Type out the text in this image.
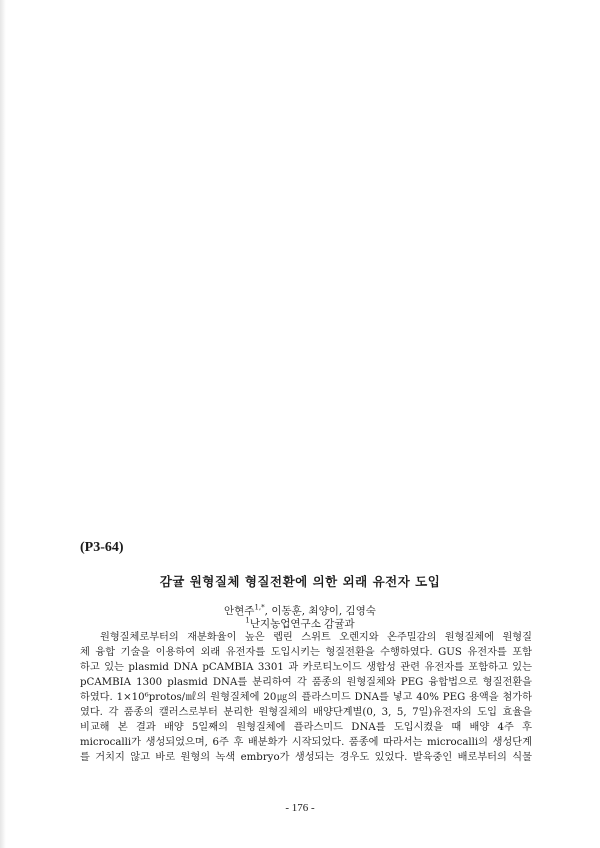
(P3-64)
감귤 원형질체 형질전환에 의한 외래 유전자 도입
안현주$^{1,*}$, 이동훈, 최양이, 김영숙
$^1$난지농업연구소 감귤과
원형질체로부터의 재분화율이 높은 렙린 스위트 오렌지와 온주밀감의 원형질체에 원형질
체 융합 기술을 이용하여 외래 유전자를 도입시키는 형질전환을 수행하였다. GUS 유전자를 포함
하고 있는 plasmid DNA pCAMBIA 3301 과 카로티노이드 생합성 관련 유전자를 포함하고 있는
pCAMBIA 1300 plasmid DNA를 분리하여 각 품종의 원형질체와 PEG 융합법으로 형질전환을
하였다. 1×10⁶protos/㎖의 원형질체에 20㎍의 플라스미드 DNA를 넣고 40% PEG 용액을 첨가하
였다. 각 품종의 캘러스로부터 분리한 원형질체의 배양단계별(0, 3, 5, 7일)유전자의 도입 효율을
비교해 본 결과 배양 5일째의 원형질체에 플라스미드 DNA를 도입시켰을 때 배양 4주 후
microcalli가 생성되었으며, 6주 후 배분화가 시작되었다. 품종에 따라서는 microcalli의 생성단계
를 거치지 않고 바로 원형의 녹색 embryo가 생성되는 경우도 있었다. 발육중인 배로부터의 식물
- 176 -
